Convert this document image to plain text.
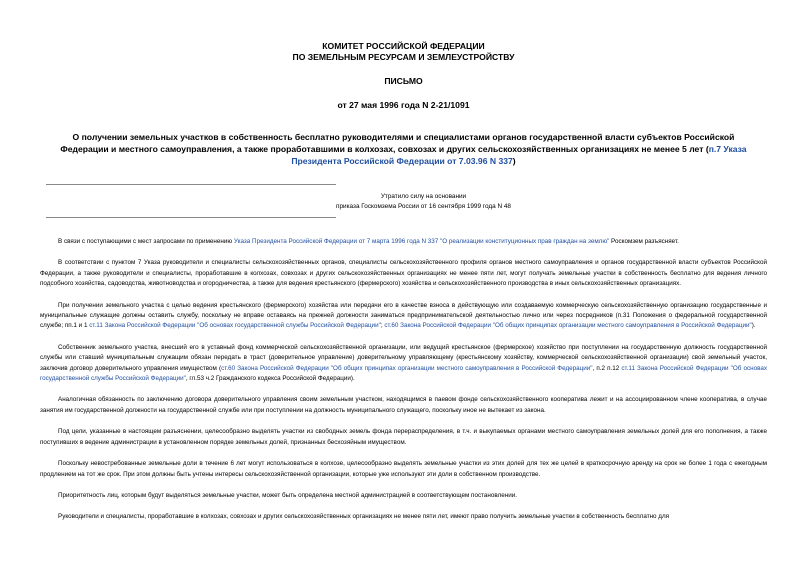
КОМИТЕТ РОССИЙСКОЙ ФЕДЕРАЦИИ
ПО ЗЕМЕЛЬНЫМ РЕСУРСАМ И ЗЕМЛЕУСТРОЙСТВУ
ПИСЬМО
от 27 мая 1996 года N 2-21/1091
О получении земельных участков в собственность бесплатно руководителями и специалистами органов государственной власти субъектов Российской Федерации и местного самоуправления, а также проработавшими в колхозах, совхозах и других сельскохозяйственных организациях не менее 5 лет (п.7 Указа Президента Российской Федерации от 7.03.96 N 337)
Утратило силу на основании
приказа Госкомзема России от 16 сентября 1999 года N 48

В связи с поступающими с мест запросами по применению Указа Президента Российской Федерации от 7 марта 1996 года N 337 "О реализации конституционных прав граждан на землю" Роскомзем разъясняет.

В соответствии с пунктом 7 Указа руководители и специалисты сельскохозяйственных органов, специалисты сельскохозяйственного профиля органов местного самоуправления и органов государственной власти субъектов Российской Федерации, а также руководители и специалисты, проработавшие в колхозах, совхозах и других сельскохозяйственных организациях не менее пяти лет, могут получать земельные участки в собственность бесплатно для ведения личного подсобного хозяйства, садоводства, животноводства и огородничества, а также для ведения крестьянского (фермерского) хозяйства и сельскохозяйственного производства в иных сельскохозяйственных организациях.

При получении земельного участка с целью ведения крестьянского (фермерского) хозяйства или передачи его в качестве взноса в действующую или создаваемую коммерческую сельскохозяйственную организацию государственные и муниципальные служащие должны оставить службу, поскольку не вправе оставаясь на прежней должности заниматься предпринимательской деятельностью лично или через посредников (п.31 Положения о федеральной государственной службе; пп.1 и 1 ст.11 Закона Российской Федерации "Об основах государственной службы Российской Федерации"; ст.60 Закона Российской Федерации "Об общих принципах организации местного самоуправления в Российской Федерации").

Собственник земельного участка, внесший его в уставный фонд коммерческой сельскохозяйственной организации, или ведущий крестьянское (фермерское) хозяйство при поступлении на государственную должность государственной службы или ставший муниципальным служащим обязан передать в траст (доверительное управление) доверительному управляющему (крестьянскому хозяйству, коммерческой сельскохозяйственной организации) свой земельный участок, заключив договор доверительного управления имуществом (ст.60 Закона Российской Федерации "Об общих принципах организации местного самоуправления в Российской Федерации", п.2 п.12 ст.11 Закона Российской Федерации "Об основах государственной службы Российской Федерации", гл.53 ч.2 Гражданского кодекса Российской Федерации).

Аналогичная обязанность по заключению договора доверительного управления своим земельным участком, находящимся в паевом фонде сельскохозяйственного кооператива лежит и на ассоциированном члене кооператива, в случае занятия им государственной должности на государственной службе или при поступлении на должность муниципального служащего, поскольку иное не вытекает из закона.

Под цели, указанные в настоящем разъяснении, целесообразно выделять участки из свободных земель фонда перераспределения, в т.ч. и выкупаемых органами местного самоуправления земельных долей для его пополнения, а также поступивших в ведение администрации в установленном порядке земельных долей, признанных бесхозяйным имуществом.

Поскольку невостребованные земельные доли в течение 6 лет могут использоваться в колхозе, целесообразно выделять земельные участки из этих долей для тех же целей в краткосрочную аренду на срок не более 1 года с ежегодным продлением на тот же срок. При этом должны быть учтены интересы сельскохозяйственной организации, которые уже используют эти доли в собственном производстве.

Приоритетность лиц, которым будут выделяться земельные участки, может быть определена местной администрацией в соответствующем постановлении.

Руководители и специалисты, проработавшие в колхозах, совхозах и других сельскохозяйственных организациях не менее пяти лет, имеют право получить земельные участки в собственность бесплатно для
